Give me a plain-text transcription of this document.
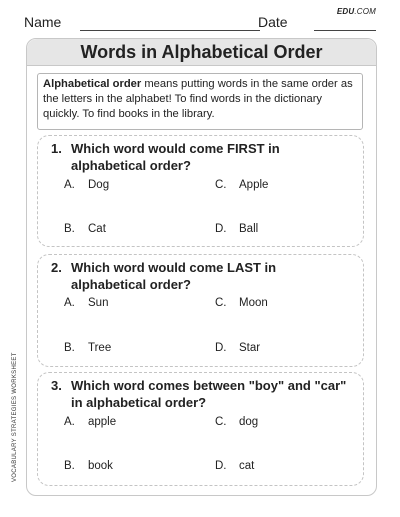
Name	Date
EDU.COM
Words in Alphabetical Order
Alphabetical order means putting words in the same order as the letters in the alphabet! To find words in the dictionary quickly. To find books in the library.
1. Which word would come FIRST in alphabetical order?
A. Dog	C. Apple
B. Cat	D. Ball
2. Which word would come LAST in alphabetical order?
A. Sun	C. Moon
B. Tree	D. Star
3. Which word comes between "boy" and "car" in alphabetical order?
A. apple	C. dog
B. book	D. cat
VOCABULARY STRATEGIES WORKSHEET
